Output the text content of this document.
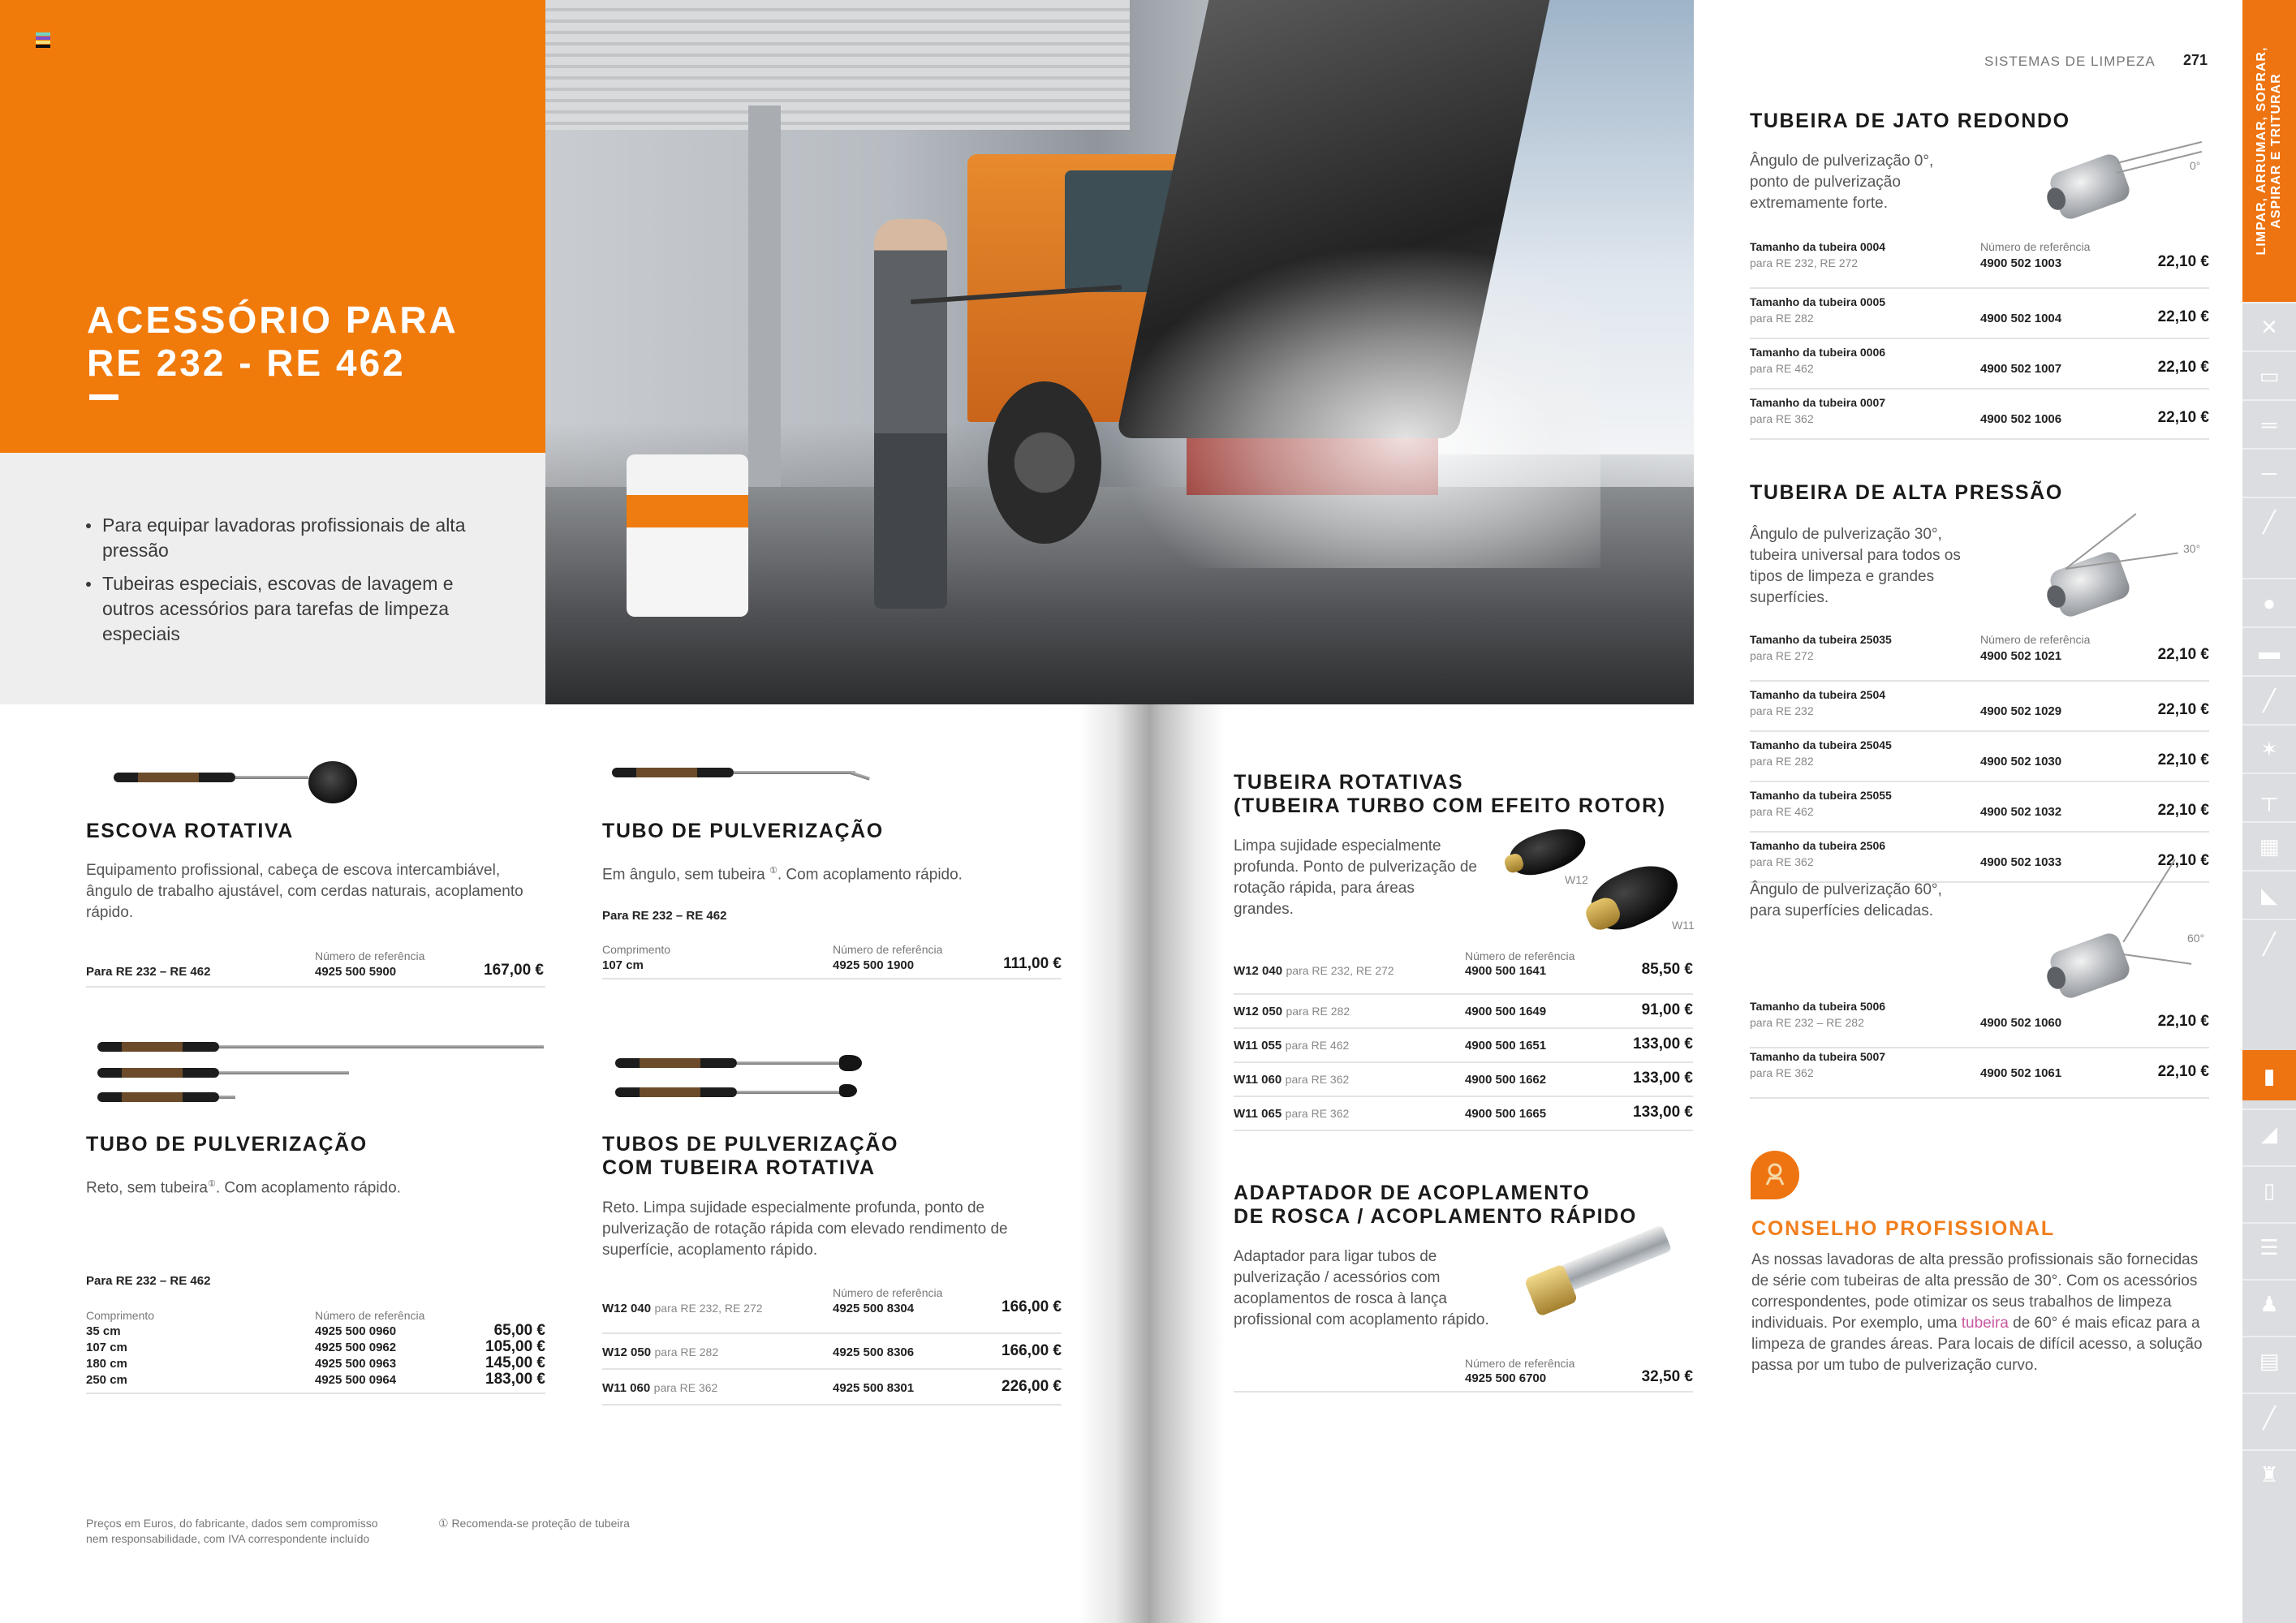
ACESSÓRIO PARA
RE 232 - RE 462
Para equipar lavadoras profissionais de alta pressão
Tubeiras especiais, escovas de lavagem e outros acessórios para tarefas de limpeza especiais
ESCOVA ROTATIVA
Equipamento profissional, cabeça de escova intercambiável, ângulo de trabalho ajustável, com cerdas naturais, acoplamento rápido.
Número de referência
Para RE 232 – RE 462	4925 500 5900	167,00 €
TUBO DE PULVERIZAÇÃO
Em ângulo, sem tubeira ①. Com acoplamento rápido.
Para RE 232 – RE 462
Comprimento	Número de referência
107 cm	4925 500 1900	111,00 €
TUBO DE PULVERIZAÇÃO
Reto, sem tubeira①. Com acoplamento rápido.
Para RE 232 – RE 462
Comprimento	Número de referência
35 cm	4925 500 0960	65,00 €
107 cm	4925 500 0962	105,00 €
180 cm	4925 500 0963	145,00 €
250 cm	4925 500 0964	183,00 €
TUBOS DE PULVERIZAÇÃO
COM TUBEIRA ROTATIVA
Reto. Limpa sujidade especialmente profunda, ponto de pulverização de rotação rápida com elevado rendimento de superfície, acoplamento rápido.
Número de referência
W12 040 para RE 232, RE 272	4925 500 8304	166,00 €
W12 050 para RE 282	4925 500 8306	166,00 €
W11 060 para RE 362	4925 500 8301	226,00 €
Preços em Euros, do fabricante, dados sem compromisso
nem responsabilidade, com IVA correspondente incluído
① Recomenda-se proteção de tubeira
TUBEIRA ROTATIVAS
(TUBEIRA TURBO COM EFEITO ROTOR)
Limpa sujidade especialmente profunda. Ponto de pulverização de rotação rápida, para áreas grandes.
W12
W11
Número de referência
W12 040 para RE 232, RE 272	4900 500 1641	85,50 €
W12 050 para RE 282	4900 500 1649	91,00 €
W11 055 para RE 462	4900 500 1651	133,00 €
W11 060 para RE 362	4900 500 1662	133,00 €
W11 065 para RE 362	4900 500 1665	133,00 €
ADAPTADOR DE ACOPLAMENTO
DE ROSCA / ACOPLAMENTO RÁPIDO
Adaptador para ligar tubos de pulverização / acessórios com acoplamentos de rosca à lança profissional com acoplamento rápido.
Número de referência
4925 500 6700	32,50 €
SISTEMAS DE LIMPEZA 271
TUBEIRA DE JATO REDONDO
Ângulo de pulverização 0°, ponto de pulverização extremamente forte.
0°
Número de referência
Tamanho da tubeira 0004
para RE 232, RE 272	4900 502 1003	22,10 €
Tamanho da tubeira 0005
para RE 282	4900 502 1004	22,10 €
Tamanho da tubeira 0006
para RE 462	4900 502 1007	22,10 €
Tamanho da tubeira 0007
para RE 362	4900 502 1006	22,10 €
TUBEIRA DE ALTA PRESSÃO
Ângulo de pulverização 30°, tubeira universal para todos os tipos de limpeza e grandes superfícies.
30°
Número de referência
Tamanho da tubeira 25035
para RE 272	4900 502 1021	22,10 €
Tamanho da tubeira 2504
para RE 232	4900 502 1029	22,10 €
Tamanho da tubeira 25045
para RE 282	4900 502 1030	22,10 €
Tamanho da tubeira 25055
para RE 462	4900 502 1032	22,10 €
Tamanho da tubeira 2506
para RE 362	4900 502 1033	22,10 €
Ângulo de pulverização 60°, para superfícies delicadas.
60°
Tamanho da tubeira 5006
para RE 232 – RE 282	4900 502 1060	22,10 €
Tamanho da tubeira 5007
para RE 362	4900 502 1061	22,10 €
CONSELHO PROFISSIONAL
As nossas lavadoras de alta pressão profissionais são fornecidas de série com tubeiras de alta pressão de 30°. Com os acessórios correspondentes, pode otimizar os seus trabalhos de limpeza individuais. Por exemplo, uma tubeira de 60° é mais eficaz para a limpeza de grandes áreas. Para locais de difícil acesso, a solução passa por um tubo de pulverização curvo.
LIMPAR, ARRUMAR, SOPRAR, ASPIRAR E TRITURAR
✕
▭
═
─
╱
●
▬
╱
✶
┬
▦
◣
╱
▮
◢
▯
☰
♟
▤
╱
♜
